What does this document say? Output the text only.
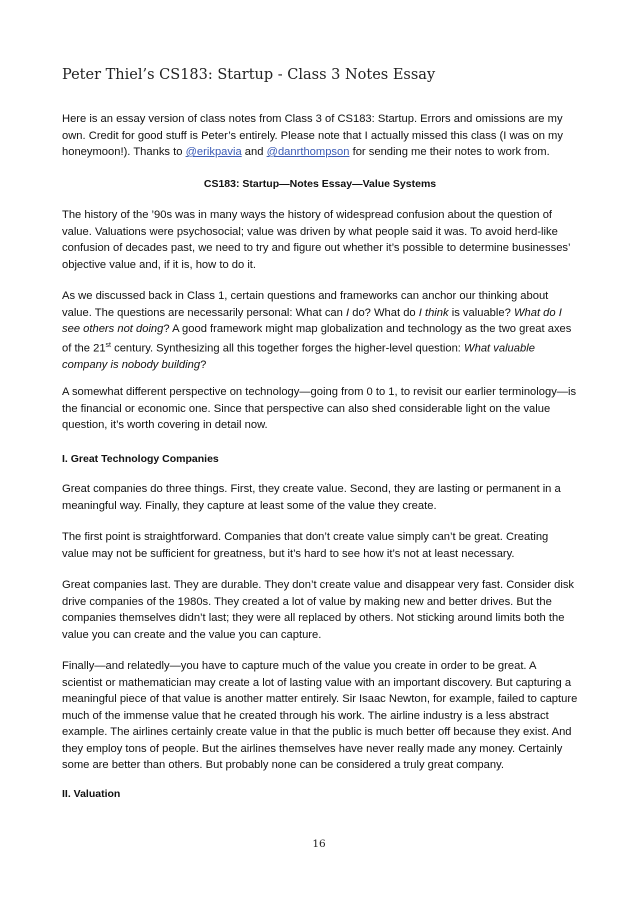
Peter Thiel’s CS183: Startup - Class 3 Notes Essay

Here is an essay version of class notes from Class 3 of CS183: Startup. Errors and omissions are my own. Credit for good stuff is Peter’s entirely. Please note that I actually missed this class (I was on my honeymoon!). Thanks to @erikpavia and @danrthompson for sending me their notes to work from.

CS183: Startup—Notes Essay—Value Systems

The history of the ’90s was in many ways the history of widespread confusion about the question of value. Valuations were psychosocial; value was driven by what people said it was. To avoid herd-like confusion of decades past, we need to try and figure out whether it’s possible to determine businesses’ objective value and, if it is, how to do it.

As we discussed back in Class 1, certain questions and frameworks can anchor our thinking about value. The questions are necessarily personal: What can I do? What do I think is valuable? What do I see others not doing? A good framework might map globalization and technology as the two great axes of the 21st century. Synthesizing all this together forges the higher-level question: What valuable company is nobody building?

A somewhat different perspective on technology—going from 0 to 1, to revisit our earlier terminology—is the financial or economic one. Since that perspective can also shed considerable light on the value question, it’s worth covering in detail now.

I. Great Technology Companies

Great companies do three things. First, they create value. Second, they are lasting or permanent in a meaningful way. Finally, they capture at least some of the value they create.

The first point is straightforward. Companies that don’t create value simply can’t be great. Creating value may not be sufficient for greatness, but it’s hard to see how it’s not at least necessary.

Great companies last. They are durable. They don’t create value and disappear very fast. Consider disk drive companies of the 1980s. They created a lot of value by making new and better drives. But the companies themselves didn’t last; they were all replaced by others. Not sticking around limits both the value you can create and the value you can capture.

Finally—and relatedly—you have to capture much of the value you create in order to be great. A scientist or mathematician may create a lot of lasting value with an important discovery. But capturing a meaningful piece of that value is another matter entirely. Sir Isaac Newton, for example, failed to capture much of the immense value that he created through his work. The airline industry is a less abstract example. The airlines certainly create value in that the public is much better off because they exist. And they employ tons of people. But the airlines themselves have never really made any money. Certainly some are better than others. But probably none can be considered a truly great company.

II. Valuation

16
